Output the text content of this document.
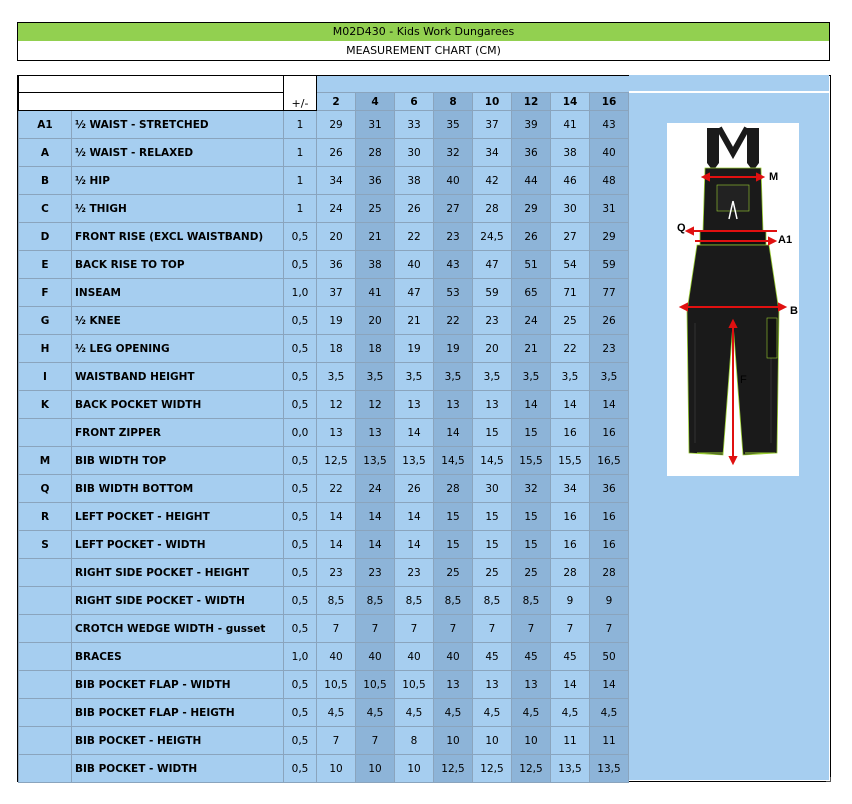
M02D430 - Kids Work Dungarees
MEASUREMENT CHART (CM)
		+/-								
			2	4	6	8	10	12	14	16
A1	½ WAIST - STRETCHED	1	29	31	33	35	37	39	41	43
A	½ WAIST - RELAXED	1	26	28	30	32	34	36	38	40
B	½ HIP	1	34	36	38	40	42	44	46	48
C	½ THIGH	1	24	25	26	27	28	29	30	31
D	FRONT RISE (EXCL WAISTBAND)	0,5	20	21	22	23	24,5	26	27	29
E	BACK RISE TO TOP	0,5	36	38	40	43	47	51	54	59
F	INSEAM	1,0	37	41	47	53	59	65	71	77
G	½ KNEE	0,5	19	20	21	22	23	24	25	26
H	½ LEG OPENING	0,5	18	18	19	19	20	21	22	23
I	WAISTBAND HEIGHT	0,5	3,5	3,5	3,5	3,5	3,5	3,5	3,5	3,5
K	BACK POCKET WIDTH	0,5	12	12	13	13	13	14	14	14
	FRONT ZIPPER	0,0	13	13	14	14	15	15	16	16
M	BIB WIDTH TOP	0,5	12,5	13,5	13,5	14,5	14,5	15,5	15,5	16,5
Q	BIB WIDTH BOTTOM	0,5	22	24	26	28	30	32	34	36
R	LEFT POCKET - HEIGHT	0,5	14	14	14	15	15	15	16	16
S	LEFT POCKET - WIDTH	0,5	14	14	14	15	15	15	16	16
	RIGHT SIDE POCKET - HEIGHT	0,5	23	23	23	25	25	25	28	28
	RIGHT SIDE POCKET - WIDTH	0,5	8,5	8,5	8,5	8,5	8,5	8,5	9	9
	CROTCH WEDGE WIDTH - gusset	0,5	7	7	7	7	7	7	7	7
	BRACES	1,0	40	40	40	40	45	45	45	50
	BIB POCKET FLAP - WIDTH	0,5	10,5	10,5	10,5	13	13	13	14	14
	BIB POCKET FLAP - HEIGTH	0,5	4,5	4,5	4,5	4,5	4,5	4,5	4,5	4,5
	BIB POCKET - HEIGTH	0,5	7	7	8	10	10	10	11	11
	BIB POCKET - WIDTH	0,5	10	10	10	12,5	12,5	12,5	13,5	13,5
M
Q
A1
B
F
